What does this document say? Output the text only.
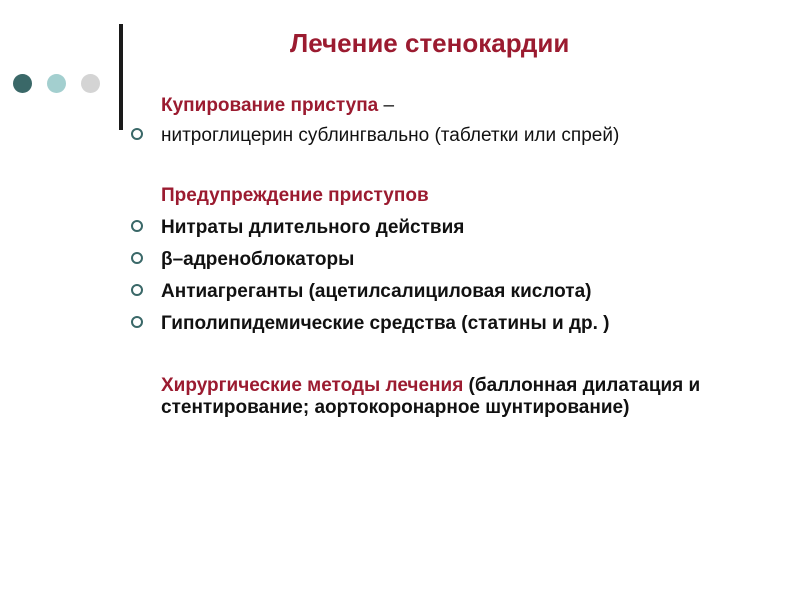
Лечение стенокардии
Купирование приступа –
нитроглицерин сублингвально (таблетки или спрей)
Предупреждение приступов
Нитраты длительного действия
β–адреноблокаторы
Антиагреганты (ацетилсалициловая кислота)
Гиполипидемические средства (статины и др. )
Хирургические методы лечения (баллонная дилатация и стентирование; аортокоронарное шунтирование)
